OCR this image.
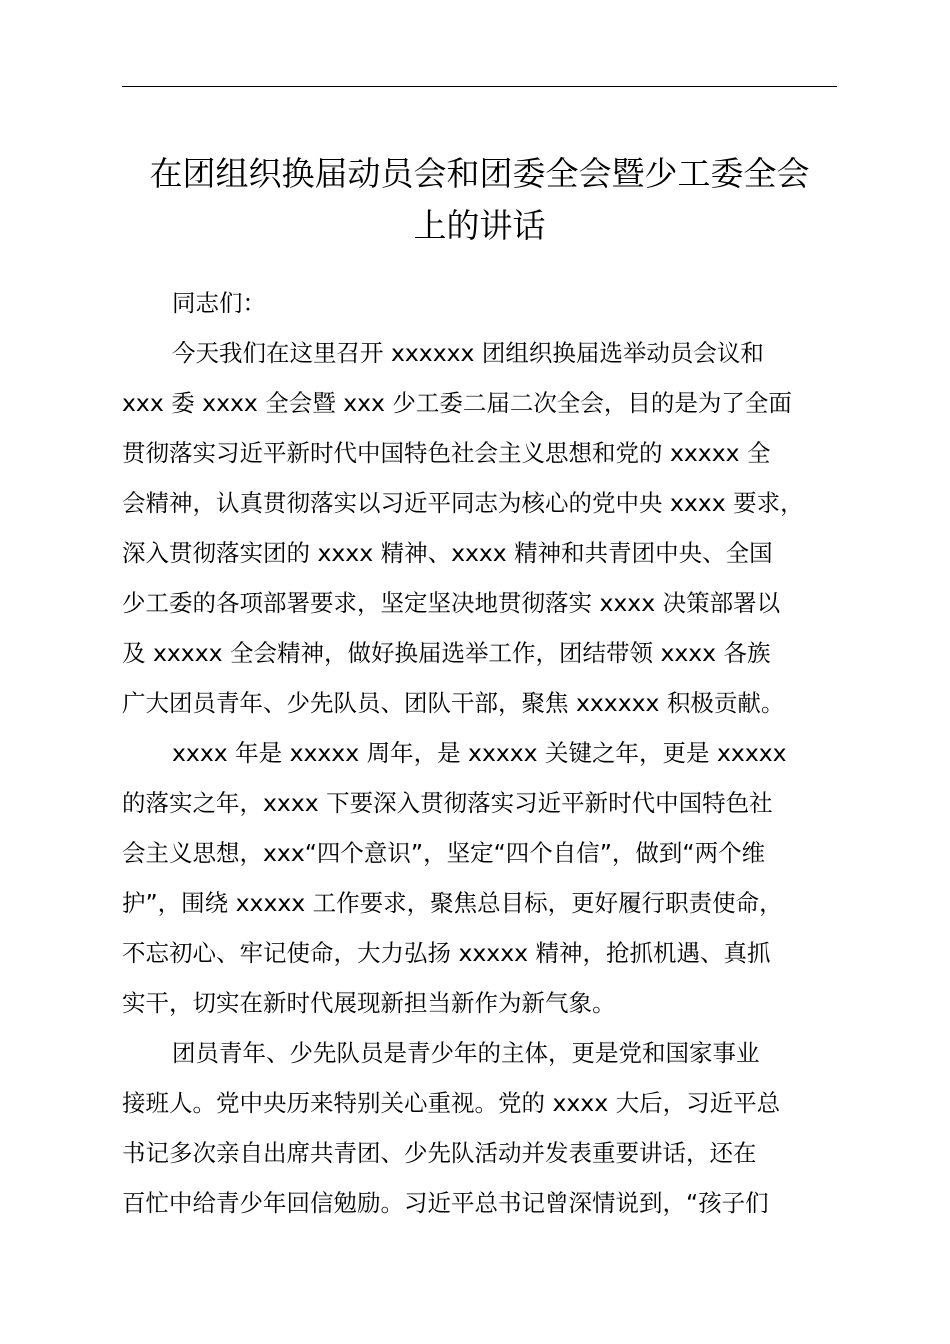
在团组织换届动员会和团委全会暨少工委全会
上的讲话
同志们：
今天我们在这里召开 xxxxxx 团组织换届选举动员会议和
xxx 委 xxxx 全会暨 xxx 少工委二届二次全会，目的是为了全面
贯彻落实习近平新时代中国特色社会主义思想和党的 xxxxx 全
会精神，认真贯彻落实以习近平同志为核心的党中央 xxxx 要求，
深入贯彻落实团的 xxxx 精神、xxxx 精神和共青团中央、全国
少工委的各项部署要求，坚定坚决地贯彻落实 xxxx 决策部署以
及 xxxxx 全会精神，做好换届选举工作，团结带领 xxxx 各族
广大团员青年、少先队员、团队干部，聚焦 xxxxxx 积极贡献。
xxxx 年是 xxxxx 周年，是 xxxxx 关键之年，更是 xxxxx
的落实之年，xxxx 下要深入贯彻落实习近平新时代中国特色社
会主义思想，xxx“四个意识”，坚定“四个自信”，做到“两个维
护”，围绕 xxxxx 工作要求，聚焦总目标，更好履行职责使命，
不忘初心、牢记使命，大力弘扬 xxxxx 精神，抢抓机遇、真抓
实干，切实在新时代展现新担当新作为新气象。
团员青年、少先队员是青少年的主体，更是党和国家事业
接班人。党中央历来特别关心重视。党的 xxxx 大后，习近平总
书记多次亲自出席共青团、少先队活动并发表重要讲话，还在
百忙中给青少年回信勉励。习近平总书记曾深情说到，“孩子们
